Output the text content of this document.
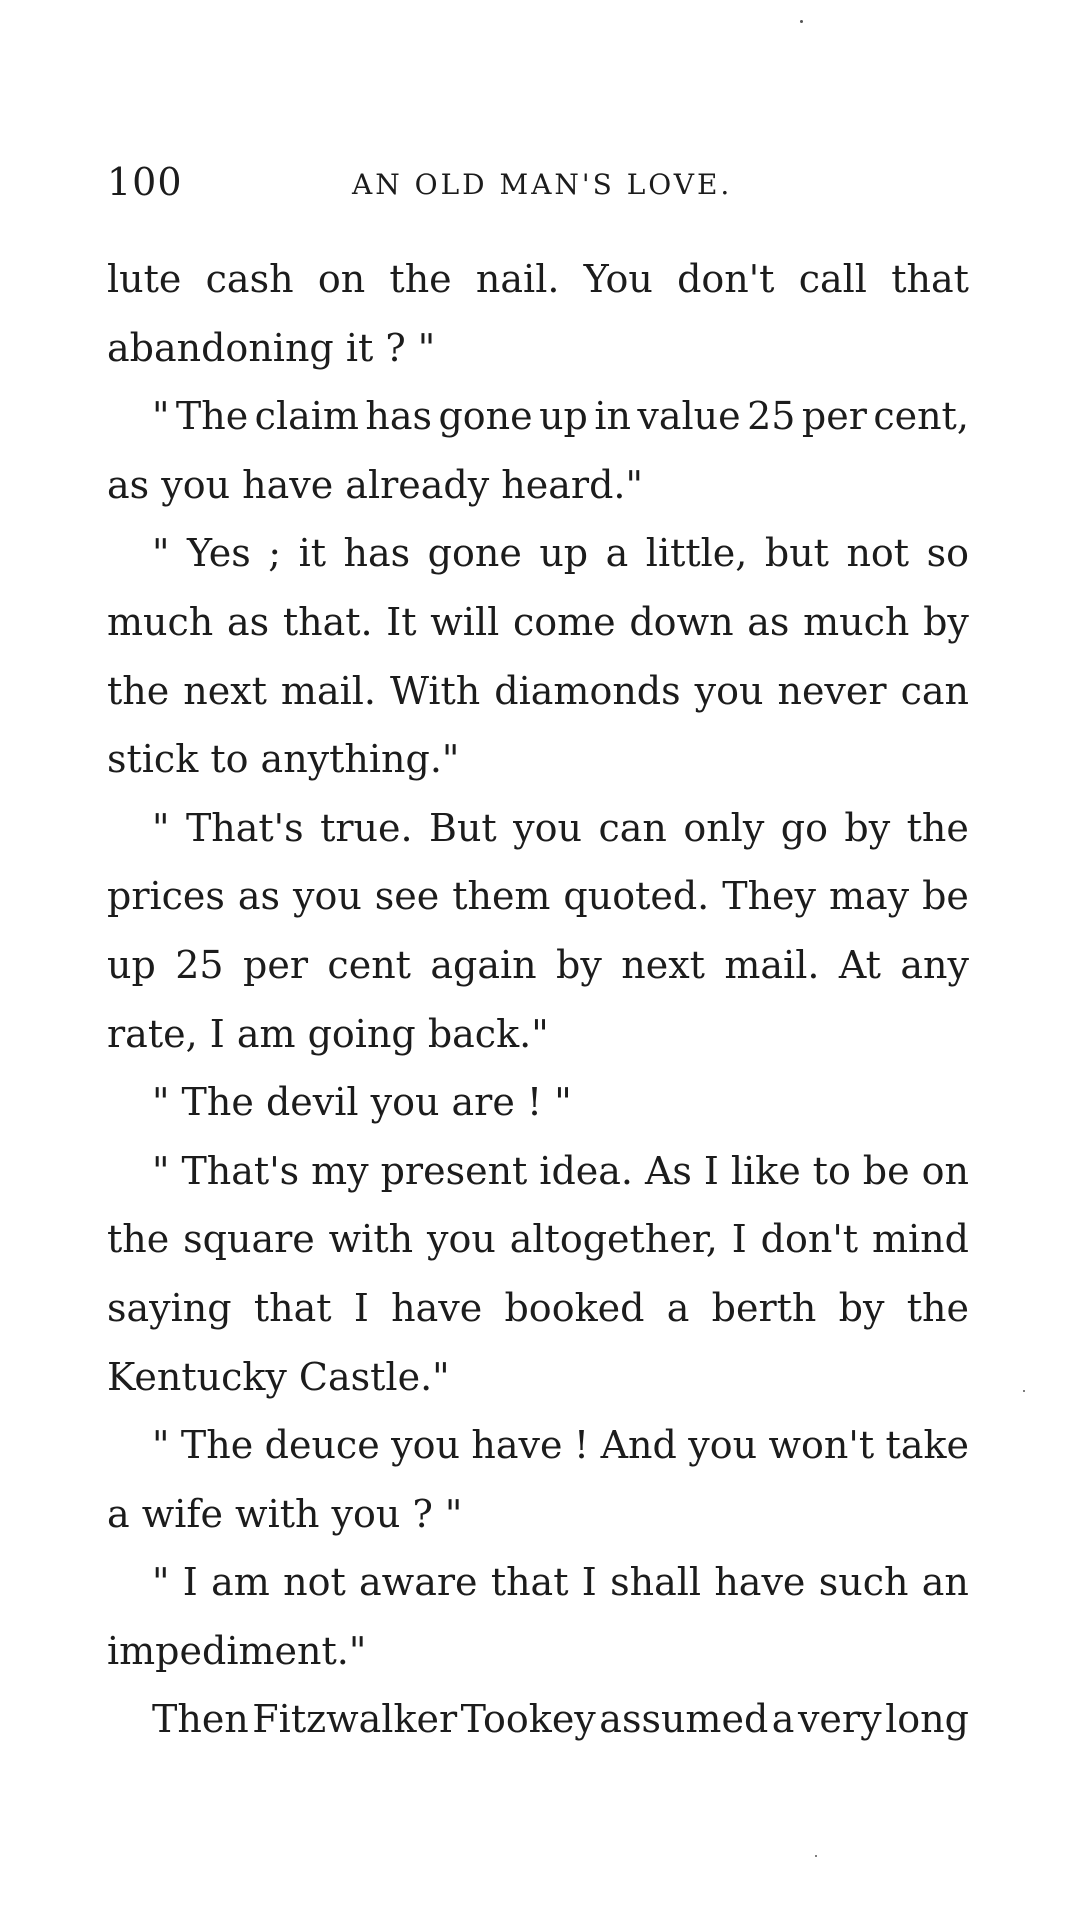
100	AN OLD MAN'S LOVE.
lute cash on the nail. You don't call that
abandoning it ? "
" The claim has gone up in value 25 per cent,
as you have already heard."
" Yes ; it has gone up a little, but not so
much as that. It will come down as much by
the next mail. With diamonds you never can
stick to anything."
" That's true. But you can only go by the
prices as you see them quoted. They may be
up 25 per cent again by next mail. At any
rate, I am going back."
" The devil you are ! "
" That's my present idea. As I like to be on
the square with you altogether, I don't mind
saying that I have booked a berth by the
Kentucky Castle."
" The deuce you have ! And you won't take
a wife with you ? "
" I am not aware that I shall have such an
impediment."
Then Fitzwalker Tookey assumed a very long
